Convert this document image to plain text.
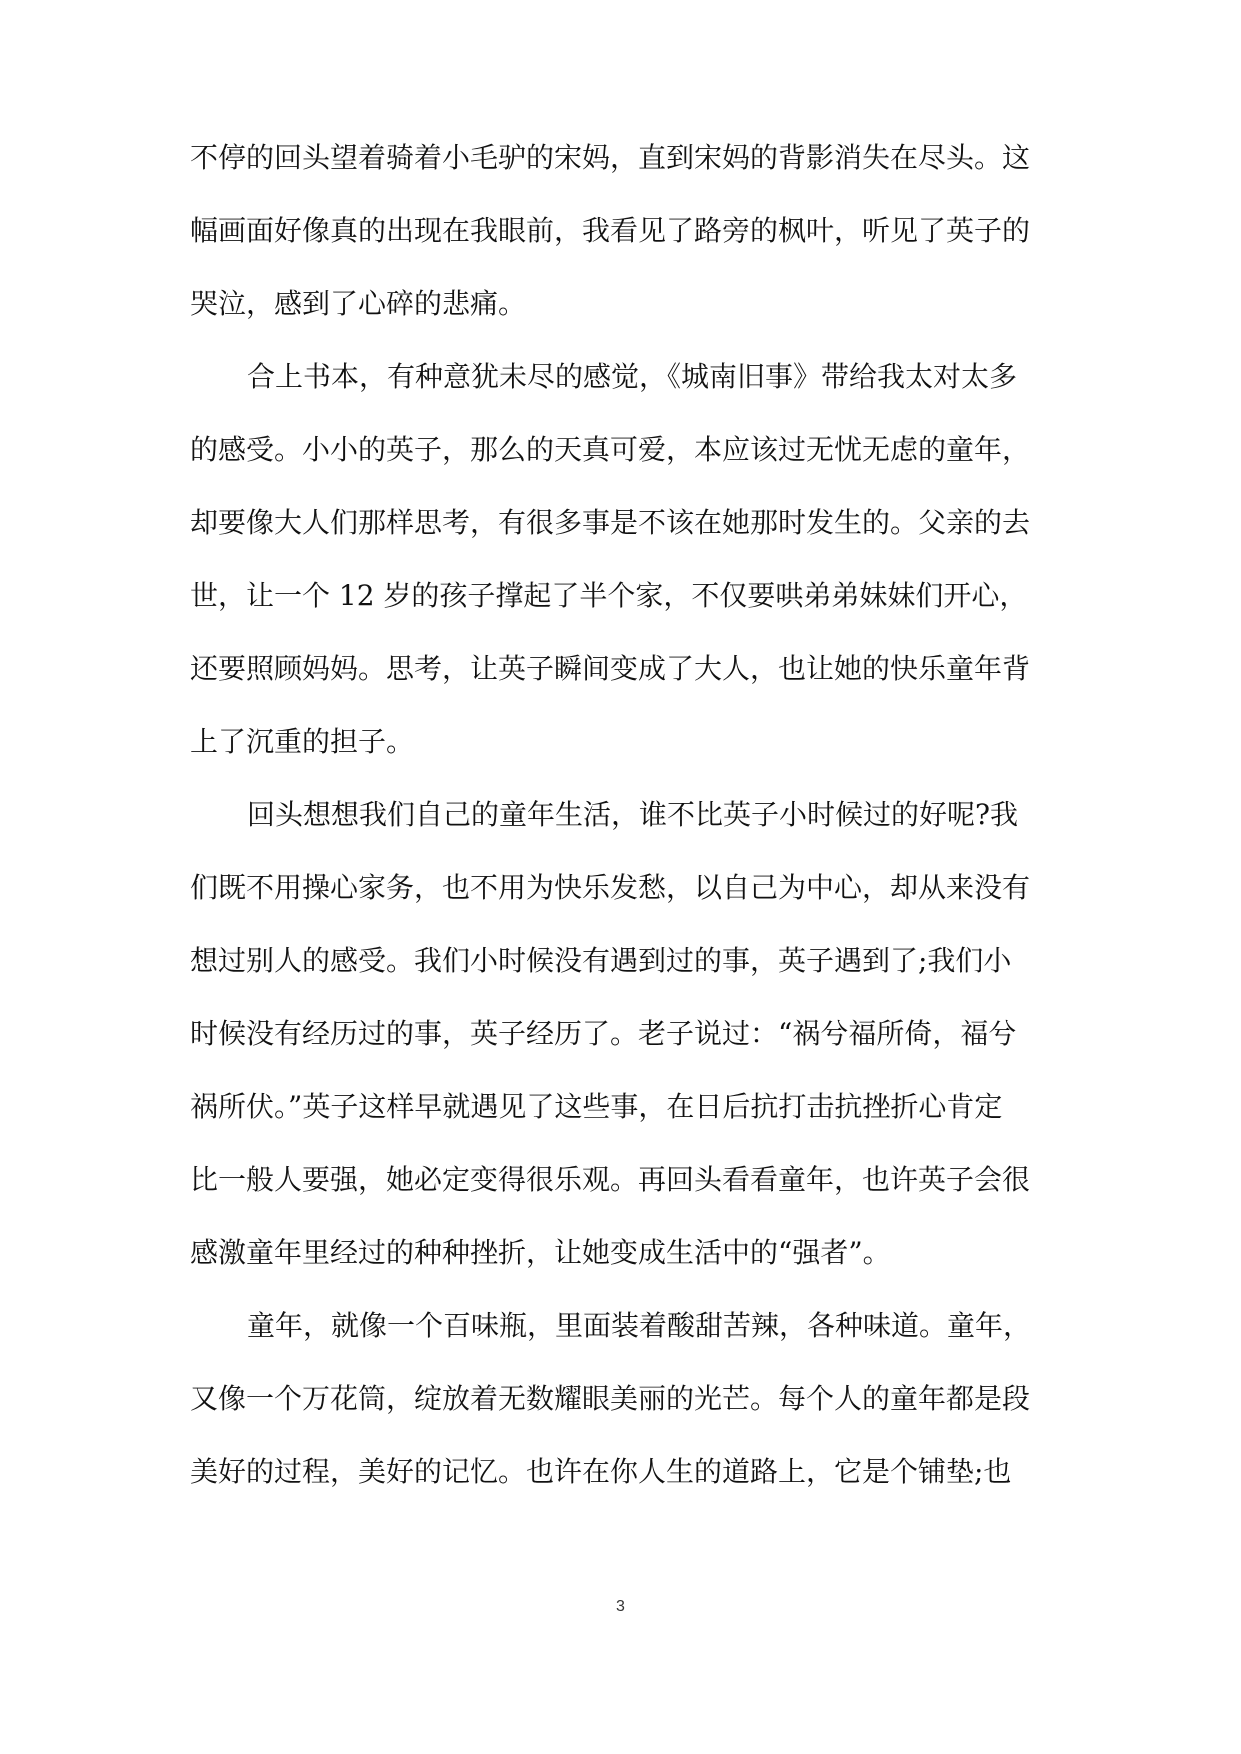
不停的回头望着骑着小毛驴的宋妈，直到宋妈的背影消失在尽头。这
幅画面好像真的出现在我眼前，我看见了路旁的枫叶，听见了英子的
哭泣，感到了心碎的悲痛。
合上书本，有种意犹未尽的感觉，《城南旧事》带给我太对太多
的感受。小小的英子，那么的天真可爱，本应该过无忧无虑的童年，
却要像大人们那样思考，有很多事是不该在她那时发生的。父亲的去
世，让一个 12 岁的孩子撑起了半个家，不仅要哄弟弟妹妹们开心，
还要照顾妈妈。思考，让英子瞬间变成了大人，也让她的快乐童年背
上了沉重的担子。
回头想想我们自己的童年生活，谁不比英子小时候过的好呢?我
们既不用操心家务，也不用为快乐发愁，以自己为中心，却从来没有
想过别人的感受。我们小时候没有遇到过的事，英子遇到了;我们小
时候没有经历过的事，英子经历了。老子说过：“祸兮福所倚，福兮
祸所伏。”英子这样早就遇见了这些事，在日后抗打击抗挫折心肯定
比一般人要强，她必定变得很乐观。再回头看看童年，也许英子会很
感激童年里经过的种种挫折，让她变成生活中的“强者”。
童年，就像一个百味瓶，里面装着酸甜苦辣，各种味道。童年，
又像一个万花筒，绽放着无数耀眼美丽的光芒。每个人的童年都是段
美好的过程，美好的记忆。也许在你人生的道路上，它是个铺垫;也
3
